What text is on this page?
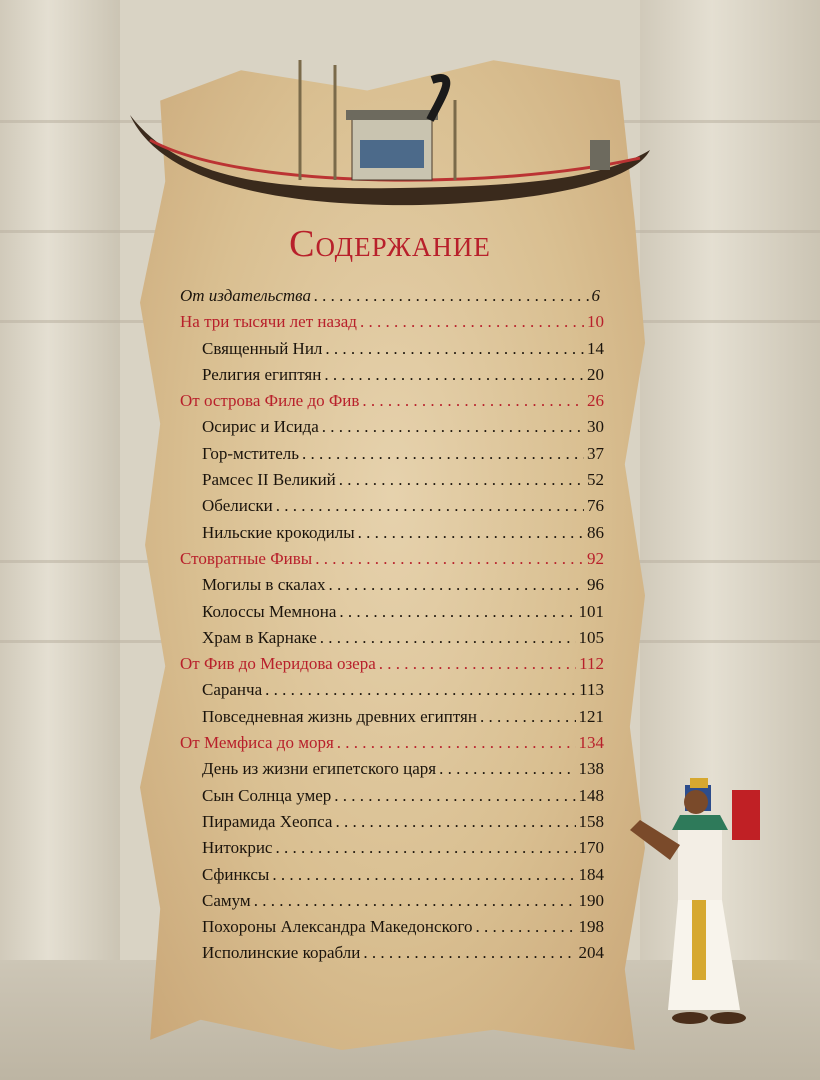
Содержание
От издательства . . .	6
На три тысячи лет назад . . .	10
Священный Нил . . .	14
Религия египтян . . .	20
От острова Филе до Фив . . .	26
Осирис и Исида . . .	30
Гор-мститель . . .	37
Рамсес II Великий . . .	52
Обелиски . . .	76
Нильские крокодилы . . .	86
Стовратные Фивы . . .	92
Могилы в скалах . . .	96
Колоссы Мемнона . . .	101
Храм в Карнаке . . .	105
От Фив до Меридова озера . . .	112
Саранча . . .	113
Повседневная жизнь древних египтян . . .	121
От Мемфиса до моря . . .	134
День из жизни египетского царя . . .	138
Сын Солнца умер . . .	148
Пирамида Хеопса . . .	158
Нитокрис . . .	170
Сфинксы . . .	184
Самум . . .	190
Похороны Александра Македонского . . .	198
Исполинские корабли . . .	204
